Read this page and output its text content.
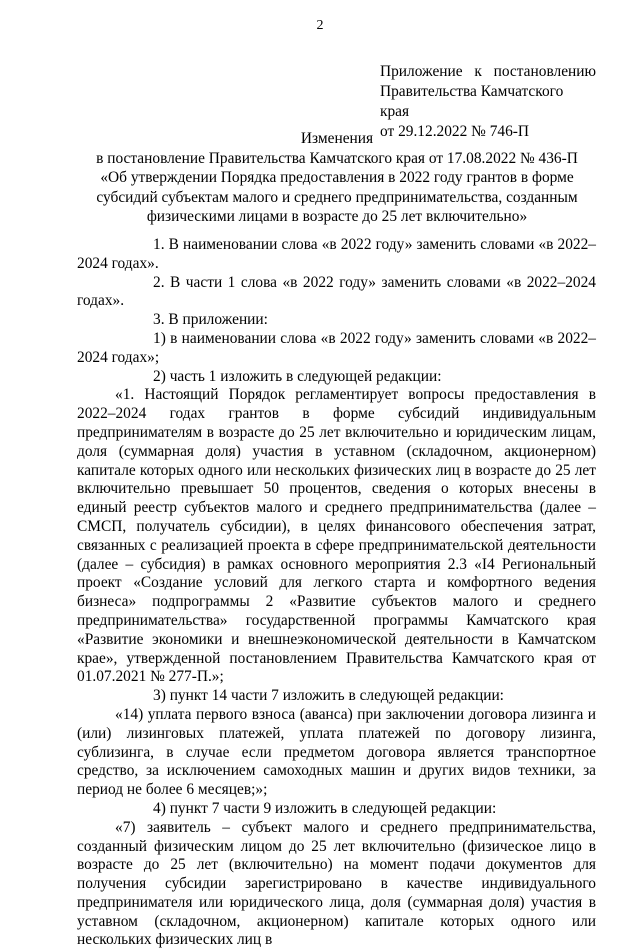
2
Приложение к постановлению
Правительства Камчатского края
от 29.12.2022 № 746-П
Изменения
в постановление Правительства Камчатского края от 17.08.2022 № 436-П
«Об утверждении Порядка предоставления в 2022 году грантов в форме
субсидий субъектам малого и среднего предпринимательства, созданным
физическими лицами в возрасте до 25 лет включительно»

1. В наименовании слова «в 2022 году» заменить словами «в 2022–2024 годах».

2. В части 1 слова «в 2022 году» заменить словами «в 2022–2024 годах».

3. В приложении:

1) в наименовании слова «в 2022 году» заменить словами «в 2022–2024 годах»;

2) часть 1 изложить в следующей редакции:

«1. Настоящий Порядок регламентирует вопросы предоставления в 2022–2024 годах грантов в форме субсидий индивидуальным предпринимателям в возрасте до 25 лет включительно и юридическим лицам, доля (суммарная доля) участия в уставном (складочном, акционерном) капитале которых одного или нескольких физических лиц в возрасте до 25 лет включительно превышает 50 процентов, сведения о которых внесены в единый реестр субъектов малого и среднего предпринимательства (далее – СМСП, получатель субсидии), в целях финансового обеспечения затрат, связанных с реализацией проекта в сфере предпринимательской деятельности (далее – субсидия) в рамках основного мероприятия 2.3 «I4 Региональный проект «Создание условий для легкого старта и комфортного ведения бизнеса» подпрограммы 2 «Развитие субъектов малого и среднего предпринимательства» государственной программы Камчатского края «Развитие экономики и внешнеэкономической деятельности в Камчатском крае», утвержденной постановлением Правительства Камчатского края от 01.07.2021 № 277-П.»;

3) пункт 14 части 7 изложить в следующей редакции:

«14) уплата первого взноса (аванса) при заключении договора лизинга и (или) лизинговых платежей, уплата платежей по договору лизинга, сублизинга, в случае если предметом договора является транспортное средство, за исключением самоходных машин и других видов техники, за период не более 6 месяцев;»;

4) пункт 7 части 9 изложить в следующей редакции:

«7) заявитель – субъект малого и среднего предпринимательства, созданный физическим лицом до 25 лет включительно (физическое лицо в возрасте до 25 лет (включительно) на момент подачи документов для получения субсидии зарегистрировано в качестве индивидуального предпринимателя или юридического лица, доля (суммарная доля) участия в уставном (складочном, акционерном) капитале которых одного или нескольких физических лиц в
